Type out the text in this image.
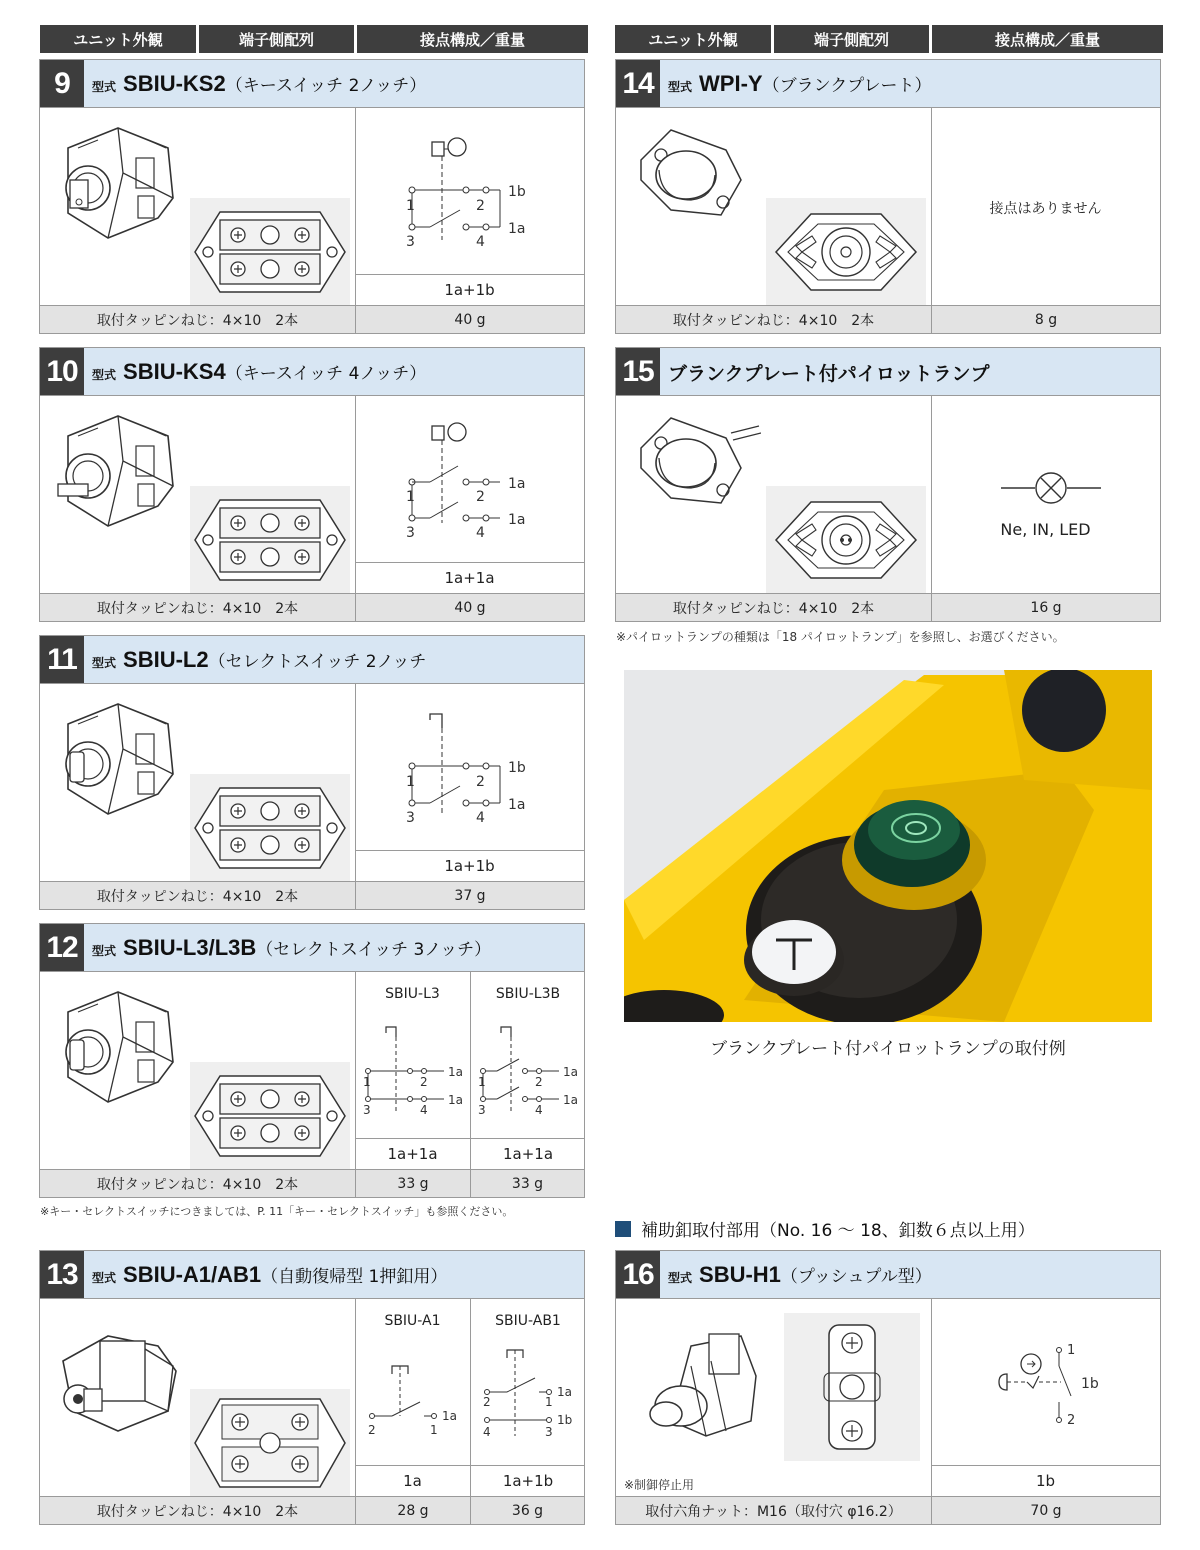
ユニット外観	端子側配列	接点構成／重量	ユニット外観	端子側配列	接点構成／重量
9	型式 SBIU-KS2（キースイッチ 2ノッチ）
1	2
3	4
1b
1a
1a+1b
取付タッピンねじ：4×10　2本	40 g
10	型式 SBIU-KS4（キースイッチ 4ノッチ）
1	2
3	4
1a
1a
1a+1a
取付タッピンねじ：4×10　2本	40 g
11	型式 SBIU-L2（セレクトスイッチ 2ノッチ
1	2
3	4
1b
1a
1a+1b
取付タッピンねじ：4×10　2本	37 g
12	型式 SBIU-L3/L3B（セレクトスイッチ 3ノッチ）
SBIU-L3	SBIU-L3B
1	2
3	4
1a
1a
1	2
3	4
1a
1a
1a+1a	1a+1a
取付タッピンねじ：4×10　2本	33 g	33 g
※キー・セレクトスイッチにつきましては、P. 11「キー・セレクトスイッチ」も参照ください。
13	型式 SBIU-A1/AB1（自動復帰型 1押釦用）
SBIU-A1	SBIU-AB1
2	1
1a
2	1
4	3
1a
1b
1a	1a+1b
取付タッピンねじ：4×10　2本	28 g	36 g
14	型式 WPI-Y（ブランクプレート）
接点はありません
取付タッピンねじ：4×10　2本	8 g
15 ブランクプレート付パイロットランプ
Ne, IN, LED
取付タッピンねじ：4×10　2本	16 g
※パイロットランプの種類は「18 パイロットランプ」を参照し、お選びください。
ブランクプレート付パイロットランプの取付例
補助釦取付部用（No. 16 ～ 18、釦数６点以上用）
16	型式 SBU-H1（プッシュプル型）
※制御停止用
1
2
1b
1b
取付六角ナット：M16（取付穴 φ16.2）	70 g
